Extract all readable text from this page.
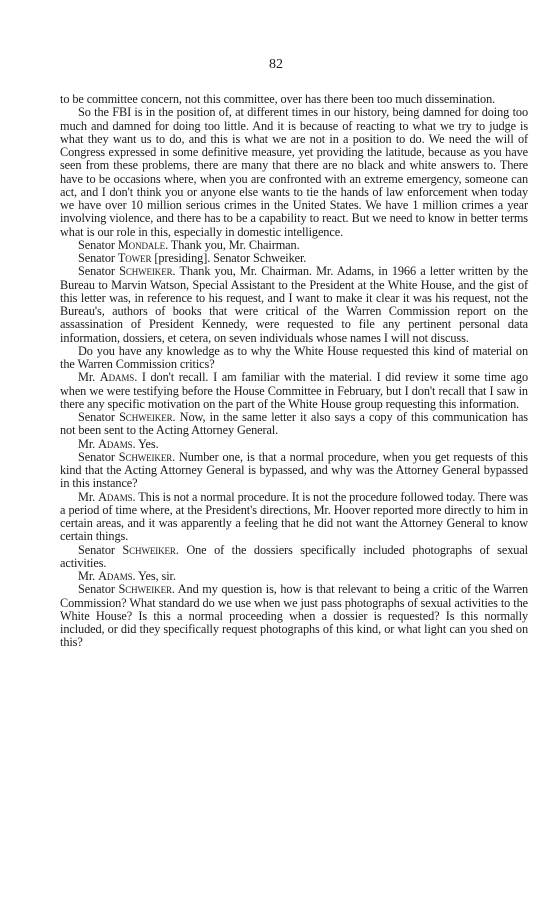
82

to be committee concern, not this committee, over has there been too much dissemination.

So the FBI is in the position of, at different times in our history, being damned for doing too much and damned for doing too little. And it is because of reacting to what we try to judge is what they want us to do, and this is what we are not in a position to do. We need the will of Congress expressed in some definitive measure, yet providing the latitude, because as you have seen from these problems, there are many that there are no black and white answers to. There have to be occasions where, when you are confronted with an extreme emergency, someone can act, and I don't think you or anyone else wants to tie the hands of law enforcement when today we have over 10 million serious crimes in the United States. We have 1 million crimes a year involving violence, and there has to be a capability to react. But we need to know in better terms what is our role in this, especially in domestic intelligence.

Senator Mondale. Thank you, Mr. Chairman.

Senator Tower [presiding]. Senator Schweiker.

Senator Schweiker. Thank you, Mr. Chairman. Mr. Adams, in 1966 a letter written by the Bureau to Marvin Watson, Special Assistant to the President at the White House, and the gist of this letter was, in reference to his request, and I want to make it clear it was his request, not the Bureau's, authors of books that were critical of the Warren Commission report on the assassination of President Kennedy, were requested to file any pertinent personal data information, dossiers, et cetera, on seven individuals whose names I will not discuss.

Do you have any knowledge as to why the White House requested this kind of material on the Warren Commission critics?

Mr. Adams. I don't recall. I am familiar with the material. I did review it some time ago when we were testifying before the House Committee in February, but I don't recall that I saw in there any specific motivation on the part of the White House group requesting this information.

Senator Schweiker. Now, in the same letter it also says a copy of this communication has not been sent to the Acting Attorney General.

Mr. Adams. Yes.

Senator Schweiker. Number one, is that a normal procedure, when you get requests of this kind that the Acting Attorney General is bypassed, and why was the Attorney General bypassed in this instance?

Mr. Adams. This is not a normal procedure. It is not the procedure followed today. There was a period of time where, at the President's directions, Mr. Hoover reported more directly to him in certain areas, and it was apparently a feeling that he did not want the Attorney General to know certain things.

Senator Schweiker. One of the dossiers specifically included photographs of sexual activities.

Mr. Adams. Yes, sir.

Senator Schweiker. And my question is, how is that relevant to being a critic of the Warren Commission? What standard do we use when we just pass photographs of sexual activities to the White House? Is this a normal proceeding when a dossier is requested? Is this normally included, or did they specifically request photographs of this kind, or what light can you shed on this?
